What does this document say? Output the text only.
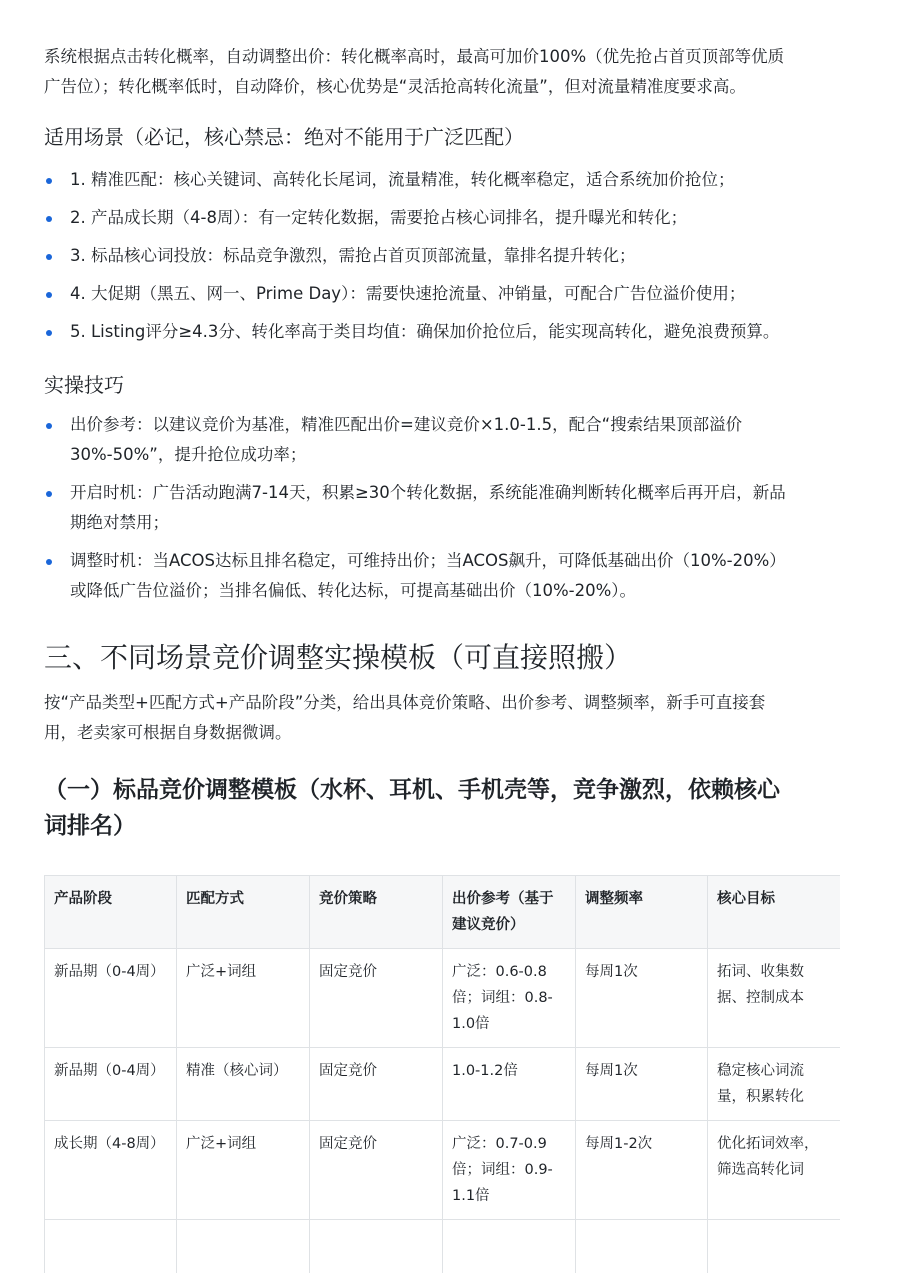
系统根据点击转化概率，自动调整出价：转化概率高时，最高可加价100%（优先抢占首页顶部等优质
广告位）；转化概率低时，自动降价，核心优势是“灵活抢高转化流量”，但对流量精准度要求高。
适用场景（必记，核心禁忌：绝对不能用于广泛匹配）
1. 精准匹配：核心关键词、高转化长尾词，流量精准，转化概率稳定，适合系统加价抢位；
2. 产品成长期（4-8周）：有一定转化数据，需要抢占核心词排名，提升曝光和转化；
3. 标品核心词投放：标品竞争激烈，需抢占首页顶部流量，靠排名提升转化；
4. 大促期（黑五、网一、Prime Day）：需要快速抢流量、冲销量，可配合广告位溢价使用；
5. Listing评分≥4.3分、转化率高于类目均值：确保加价抢位后，能实现高转化，避免浪费预算。
实操技巧
出价参考：以建议竞价为基准，精准匹配出价=建议竞价×1.0-1.5，配合“搜索结果顶部溢价
30%-50%”，提升抢位成功率；
开启时机：广告活动跑满7-14天，积累≥30个转化数据，系统能准确判断转化概率后再开启，新品
期绝对禁用；
调整时机：当ACOS达标且排名稳定，可维持出价；当ACOS飙升，可降低基础出价（10%-20%）
或降低广告位溢价；当排名偏低、转化达标，可提高基础出价（10%-20%）。
三、不同场景竞价调整实操模板（可直接照搬）
按“产品类型+匹配方式+产品阶段”分类，给出具体竞价策略、出价参考、调整频率，新手可直接套
用，老卖家可根据自身数据微调。
（一）标品竞价调整模板（水杯、耳机、手机壳等，竞争激烈，依赖核心
词排名）
产品阶段	匹配方式	竞价策略	出价参考（基于建议竞价）	调整频率	核心目标
新品期（0-4周）	广泛+词组	固定竞价	广泛：0.6-0.8倍；词组：0.8-1.0倍	每周1次	拓词、收集数据、控制成本
新品期（0-4周）	精准（核心词）	固定竞价	1.0-1.2倍	每周1次	稳定核心词流量，积累转化
成长期（4-8周）	广泛+词组	固定竞价	广泛：0.7-0.9倍；词组：0.9-1.1倍	每周1-2次	优化拓词效率，筛选高转化词
